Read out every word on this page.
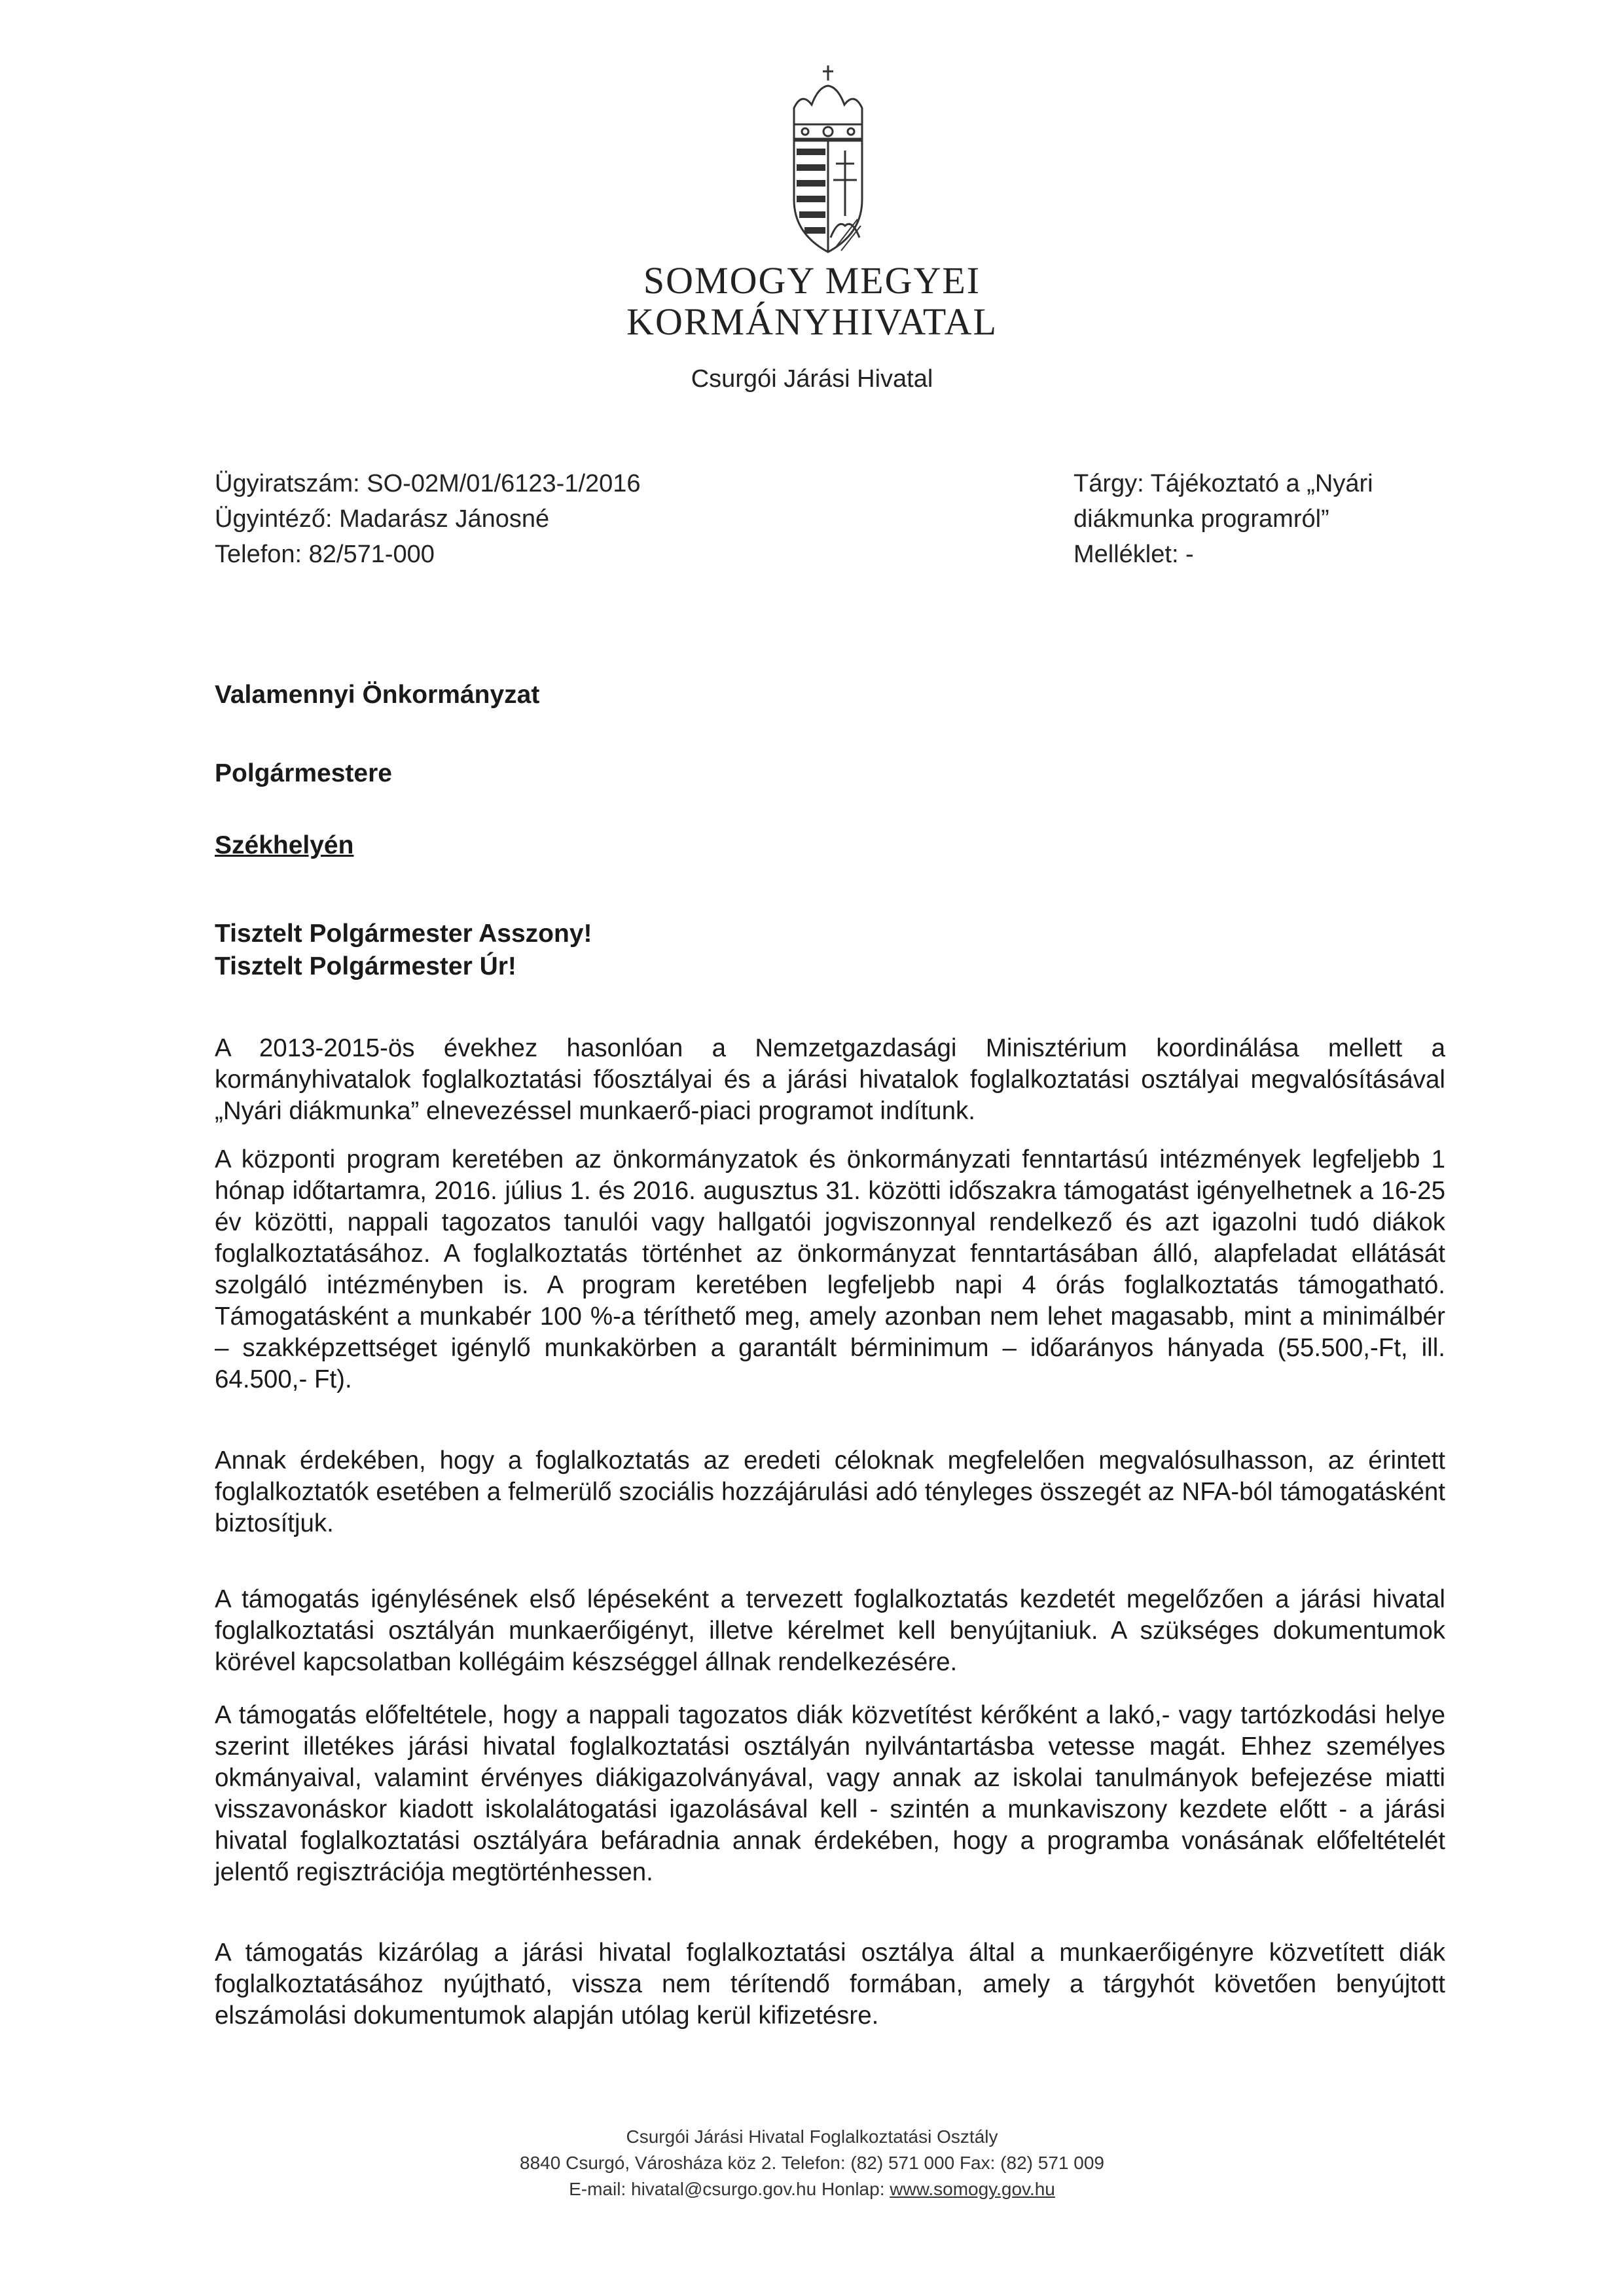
SOMOGY MEGYEI
KORMÁNYHIVATAL
Csurgói Járási Hivatal
Ügyiratszám: SO-02M/01/6123-1/2016
Ügyintéző: Madarász Jánosné
Telefon: 82/571-000
Tárgy: Tájékoztató a „Nyári
diákmunka programról”
Melléklet: -
Valamennyi Önkormányzat
Polgármestere
Székhelyén
Tisztelt Polgármester Asszony!
Tisztelt Polgármester Úr!
A 2013-2015-ös évekhez hasonlóan a Nemzetgazdasági Minisztérium koordinálása mellett a kormányhivatalok foglalkoztatási főosztályai és a járási hivatalok foglalkoztatási osztályai megvalósításával „Nyári diákmunka” elnevezéssel munkaerő-piaci programot indítunk.
A központi program keretében az önkormányzatok és önkormányzati fenntartású intézmények legfeljebb 1 hónap időtartamra, 2016. július 1. és 2016. augusztus 31. közötti időszakra támogatást igényelhetnek a 16-25 év közötti, nappali tagozatos tanulói vagy hallgatói jogviszonnyal rendelkező és azt igazolni tudó diákok foglalkoztatásához. A foglalkoztatás történhet az önkormányzat fenntartásában álló, alapfeladat ellátását szolgáló intézményben is. A program keretében legfeljebb napi 4 órás foglalkoztatás támogatható. Támogatásként a munkabér 100 %-a téríthető meg, amely azonban nem lehet magasabb, mint a minimálbér – szakképzettséget igénylő munkakörben a garantált bérminimum – időarányos hányada (55.500,-Ft, ill. 64.500,- Ft).
Annak érdekében, hogy a foglalkoztatás az eredeti céloknak megfelelően megvalósulhasson, az érintett foglalkoztatók esetében a felmerülő szociális hozzájárulási adó tényleges összegét az NFA-ból támogatásként biztosítjuk.
A támogatás igénylésének első lépéseként a tervezett foglalkoztatás kezdetét megelőzően a járási hivatal foglalkoztatási osztályán munkaerőigényt, illetve kérelmet kell benyújtaniuk. A szükséges dokumentumok körével kapcsolatban kollégáim készséggel állnak rendelkezésére.
A támogatás előfeltétele, hogy a nappali tagozatos diák közvetítést kérőként a lakó,- vagy tartózkodási helye szerint illetékes járási hivatal foglalkoztatási osztályán nyilvántartásba vetesse magát. Ehhez személyes okmányaival, valamint érvényes diákigazolványával, vagy annak az iskolai tanulmányok befejezése miatti visszavonáskor kiadott iskolalátogatási igazolásával kell - szintén a munkaviszony kezdete előtt - a járási hivatal foglalkoztatási osztályára befáradnia annak érdekében, hogy a programba vonásának előfeltételét jelentő regisztrációja megtörténhessen.
A támogatás kizárólag a járási hivatal foglalkoztatási osztálya által a munkaerőigényre közvetített diák foglalkoztatásához nyújtható, vissza nem térítendő formában, amely a tárgyhót követően benyújtott elszámolási dokumentumok alapján utólag kerül kifizetésre.
Csurgói Járási Hivatal Foglalkoztatási Osztály
8840 Csurgó, Városháza köz 2. Telefon: (82) 571 000 Fax: (82) 571 009
E-mail: hivatal@csurgo.gov.hu Honlap: www.somogy.gov.hu
